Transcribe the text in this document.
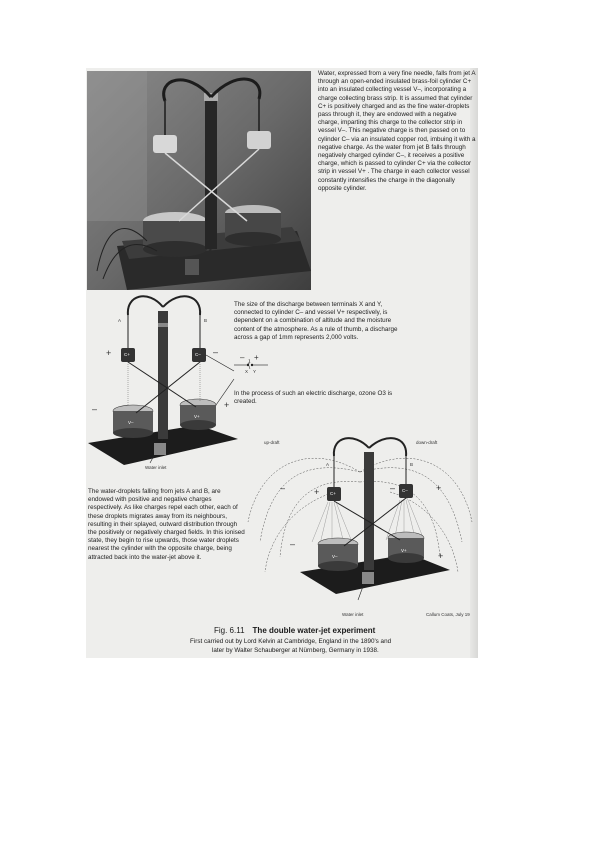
Water, expressed from a very fine needle, falls from jet A through an open-ended insulated brass-foil cylinder C+ into an insulated collecting vessel V–, incorporating a charge collecting brass strip. It is assumed that cylinder C+ is positively charged and as the fine water-droplets pass through it, they are endowed with a negative charge, imparting this charge to the collector strip in vessel V–. This negative charge is then passed on to cylinder C– via an insulated copper rod, imbuing it with a negative charge. As the water from jet B falls through negatively charged cylinder C–, it receives a positive charge, which is passed to cylinder C+ via the collector strip in vessel V+ . The charge in each collector vessel constantly intensifies the charge in the diagonally opposite cylinder.

A	B
+	–
C+	C–
–	+
V–
V+
Water inlet
– +
X Y

The size of the discharge between terminals X and Y, connected to cylinder C– and vessel V+ respectively, is dependent on a combination of altitude and the moisture content of the atmosphere. As a rule of thumb, a discharge across a gap of 1mm represents 2,000 volts.

In the process of such an electric discharge, ozone O3 is created.

up-draft	down-draft
A	B
–	+	–	+
C+
C–
V–
V+
–
+
Water inlet	Callum Coats, July 19

The water-droplets falling from jets A and B, are endowed with positive and negative charges respectively. As like charges repel each other, each of these droplets migrates away from its neighbours, resulting in their splayed, outward distribution through the positively or negatively charged fields. In this ionised state, they begin to rise upwards, those water droplets nearest the cylinder with the opposite charge, being attracted back into the water-jet above it.

Fig. 6.11 The double water-jet experiment

First carried out by Lord Kelvin at Cambridge, England in the 1890's and

later by Walter Schauberger at Nürnberg, Germany in 1938.
